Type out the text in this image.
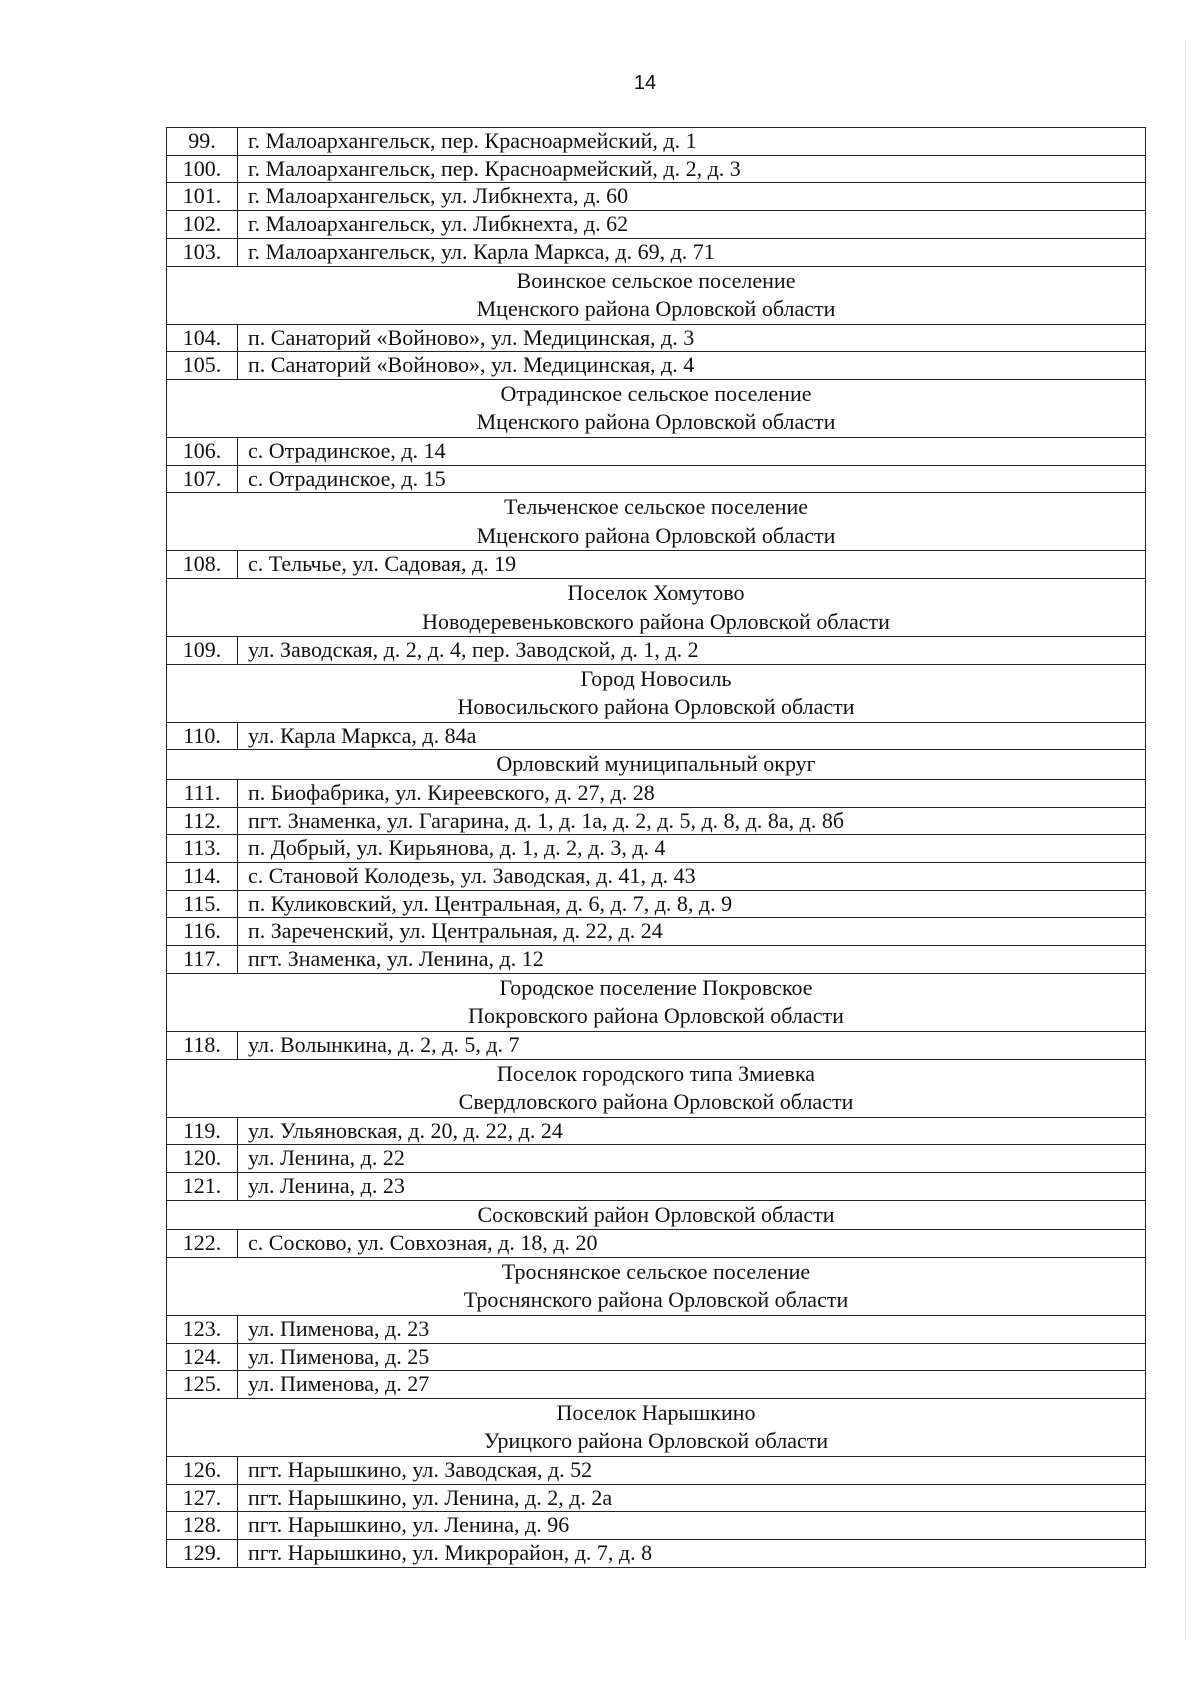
14
99.	г. Малоархангельск, пер. Красноармейский, д. 1
100.	г. Малоархангельск, пер. Красноармейский, д. 2, д. 3
101.	г. Малоархангельск, ул. Либкнехта, д. 60
102.	г. Малоархангельск, ул. Либкнехта, д. 62
103.	г. Малоархангельск, ул. Карла Маркса, д. 69, д. 71

Воинское сельское поселение
Мценского района Орловской области	

104.	п. Санаторий «Войново», ул. Медицинская, д. 3
105.	п. Санаторий «Войново», ул. Медицинская, д. 4

Отрадинское сельское поселение
Мценского района Орловской области	

106.	с. Отрадинское, д. 14
107.	с. Отрадинское, д. 15

Тельченское сельское поселение
Мценского района Орловской области	

108.	с. Тельчье, ул. Садовая, д. 19

Поселок Хомутово
Новодеревеньковского района Орловской области	

109.	ул. Заводская, д. 2, д. 4, пер. Заводской, д. 1, д. 2

Город Новосиль
Новосильского района Орловской области	

110.	ул. Карла Маркса, д. 84а

Орловский муниципальный округ	

111.	п. Биофабрика, ул. Киреевского, д. 27, д. 28
112.	пгт. Знаменка, ул. Гагарина, д. 1, д. 1а, д. 2, д. 5, д. 8, д. 8а, д. 8б
113.	п. Добрый, ул. Кирьянова, д. 1, д. 2, д. 3, д. 4
114.	с. Становой Колодезь, ул. Заводская, д. 41, д. 43
115.	п. Куликовский, ул. Центральная, д. 6, д. 7, д. 8, д. 9
116.	п. Зареченский, ул. Центральная, д. 22, д. 24
117.	пгт. Знаменка, ул. Ленина, д. 12

Городское поселение Покровское
Покровского района Орловской области	

118.	ул. Волынкина, д. 2, д. 5, д. 7

Поселок городского типа Змиевка
Свердловского района Орловской области	

119.	ул. Ульяновская, д. 20, д. 22, д. 24
120.	ул. Ленина, д. 22
121.	ул. Ленина, д. 23

Сосковский район Орловской области	

122.	с. Сосково, ул. Совхозная, д. 18, д. 20

Троснянское сельское поселение
Троснянского района Орловской области	

123.	ул. Пименова, д. 23
124.	ул. Пименова, д. 25
125.	ул. Пименова, д. 27

Поселок Нарышкино
Урицкого района Орловской области	

126.	пгт. Нарышкино, ул. Заводская, д. 52
127.	пгт. Нарышкино, ул. Ленина, д. 2, д. 2а
128.	пгт. Нарышкино, ул. Ленина, д. 96
129.	пгт. Нарышкино, ул. Микрорайон, д. 7, д. 8
